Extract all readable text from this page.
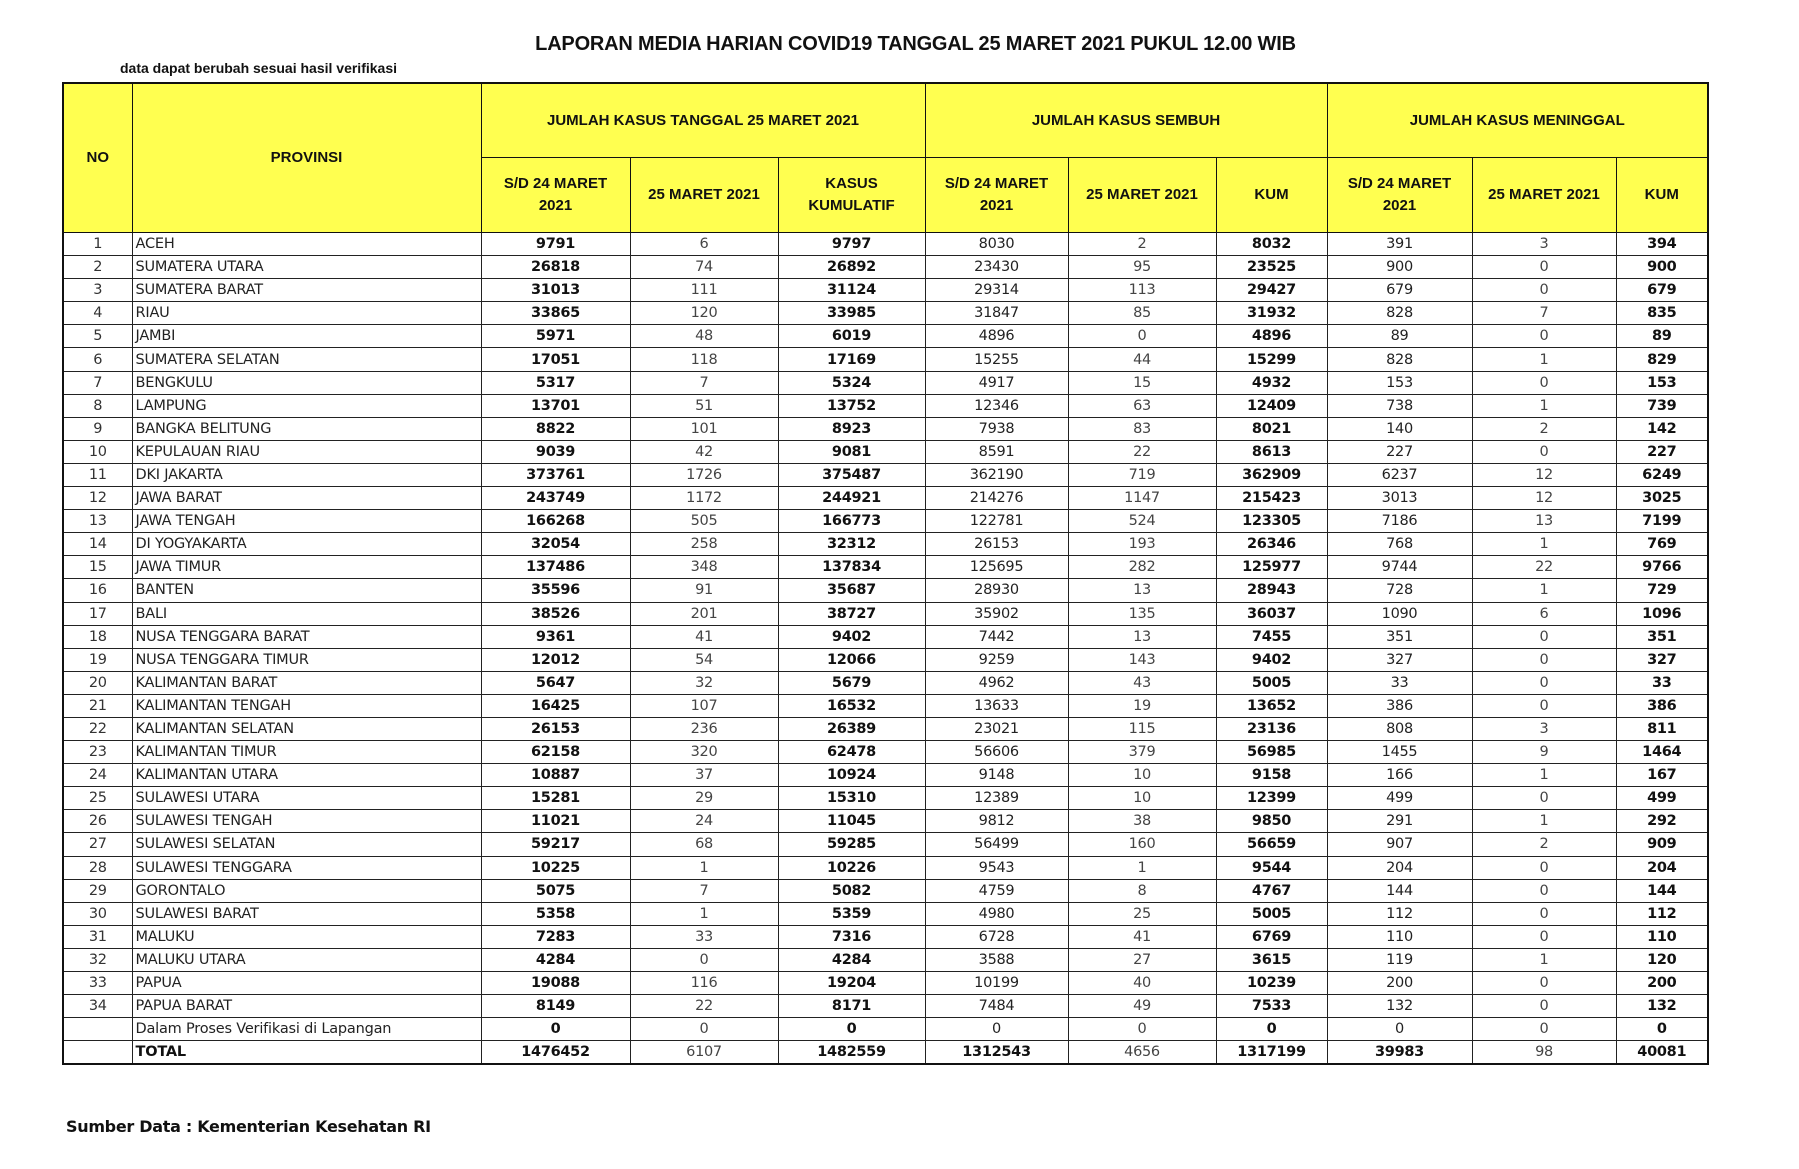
LAPORAN MEDIA HARIAN COVID19 TANGGAL 25 MARET 2021 PUKUL 12.00 WIB
data dapat berubah sesuai hasil verifikasi
NO	PROVINSI	JUMLAH KASUS TANGGAL 25 MARET 2021			JUMLAH KASUS SEMBUH			JUMLAH KASUS MENINGGAL		
		S/D 24 MARET 2021	25 MARET 2021	KASUS KUMULATIF	S/D 24 MARET 2021	25 MARET 2021	KUM	S/D 24 MARET 2021	25 MARET 2021	KUM
1	ACEH	9791	6	9797	8030	2	8032	391	3	394
2	SUMATERA UTARA	26818	74	26892	23430	95	23525	900	0	900
3	SUMATERA BARAT	31013	111	31124	29314	113	29427	679	0	679
4	RIAU	33865	120	33985	31847	85	31932	828	7	835
5	JAMBI	5971	48	6019	4896	0	4896	89	0	89
6	SUMATERA SELATAN	17051	118	17169	15255	44	15299	828	1	829
7	BENGKULU	5317	7	5324	4917	15	4932	153	0	153
8	LAMPUNG	13701	51	13752	12346	63	12409	738	1	739
9	BANGKA BELITUNG	8822	101	8923	7938	83	8021	140	2	142
10	KEPULAUAN RIAU	9039	42	9081	8591	22	8613	227	0	227
11	DKI JAKARTA	373761	1726	375487	362190	719	362909	6237	12	6249
12	JAWA BARAT	243749	1172	244921	214276	1147	215423	3013	12	3025
13	JAWA TENGAH	166268	505	166773	122781	524	123305	7186	13	7199
14	DI YOGYAKARTA	32054	258	32312	26153	193	26346	768	1	769
15	JAWA TIMUR	137486	348	137834	125695	282	125977	9744	22	9766
16	BANTEN	35596	91	35687	28930	13	28943	728	1	729
17	BALI	38526	201	38727	35902	135	36037	1090	6	1096
18	NUSA TENGGARA BARAT	9361	41	9402	7442	13	7455	351	0	351
19	NUSA TENGGARA TIMUR	12012	54	12066	9259	143	9402	327	0	327
20	KALIMANTAN BARAT	5647	32	5679	4962	43	5005	33	0	33
21	KALIMANTAN TENGAH	16425	107	16532	13633	19	13652	386	0	386
22	KALIMANTAN SELATAN	26153	236	26389	23021	115	23136	808	3	811
23	KALIMANTAN TIMUR	62158	320	62478	56606	379	56985	1455	9	1464
24	KALIMANTAN UTARA	10887	37	10924	9148	10	9158	166	1	167
25	SULAWESI UTARA	15281	29	15310	12389	10	12399	499	0	499
26	SULAWESI TENGAH	11021	24	11045	9812	38	9850	291	1	292
27	SULAWESI SELATAN	59217	68	59285	56499	160	56659	907	2	909
28	SULAWESI TENGGARA	10225	1	10226	9543	1	9544	204	0	204
29	GORONTALO	5075	7	5082	4759	8	4767	144	0	144
30	SULAWESI BARAT	5358	1	5359	4980	25	5005	112	0	112
31	MALUKU	7283	33	7316	6728	41	6769	110	0	110
32	MALUKU UTARA	4284	0	4284	3588	27	3615	119	1	120
33	PAPUA	19088	116	19204	10199	40	10239	200	0	200
34	PAPUA BARAT	8149	22	8171	7484	49	7533	132	0	132
	Dalam Proses Verifikasi di Lapangan	0	0	0	0	0	0	0	0	0
	TOTAL	1476452	6107	1482559	1312543	4656	1317199	39983	98	40081
Sumber Data : Kementerian Kesehatan RI
